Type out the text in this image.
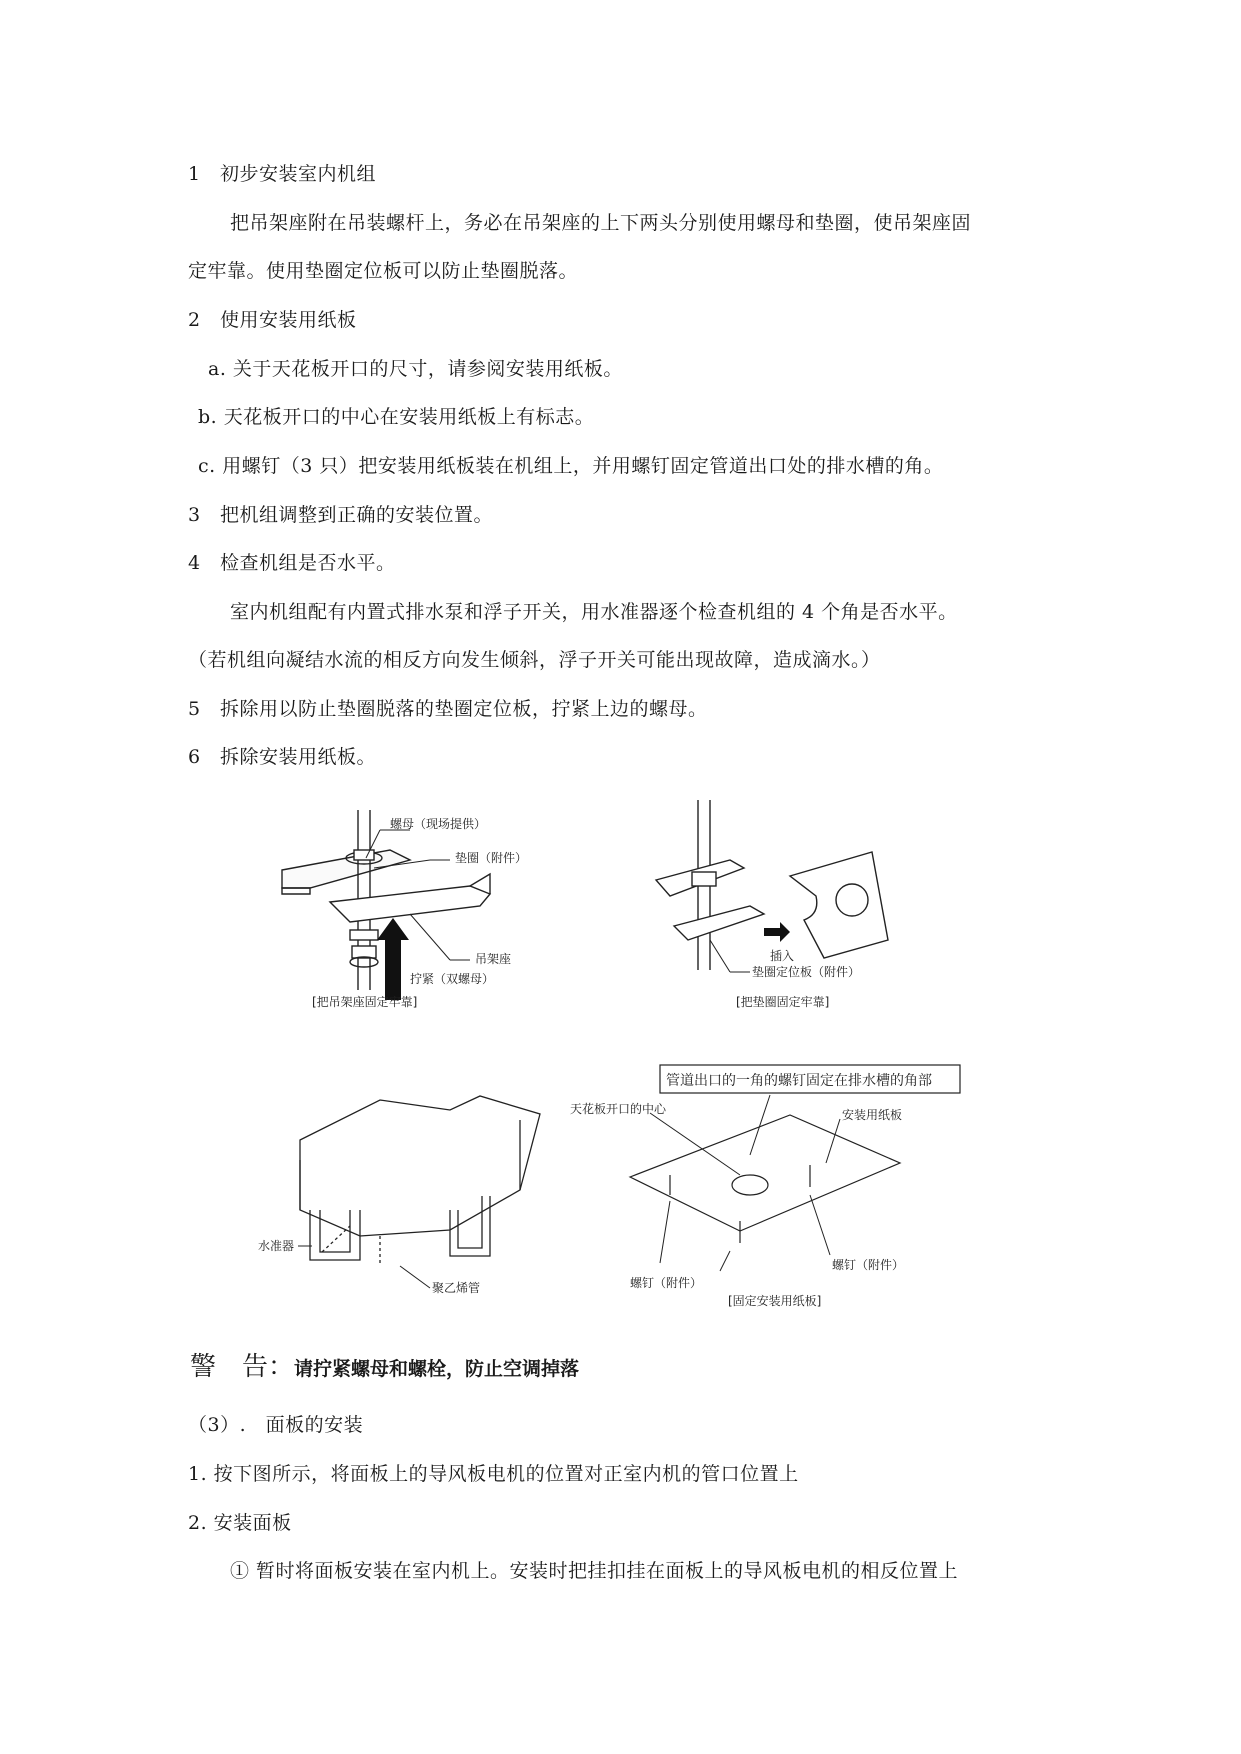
1 初步安装室内机组
把吊架座附在吊装螺杆上，务必在吊架座的上下两头分别使用螺母和垫圈，使吊架座固
定牢靠。使用垫圈定位板可以防止垫圈脱落。
2 使用安装用纸板
a. 关于天花板开口的尺寸，请参阅安装用纸板。
b. 天花板开口的中心在安装用纸板上有标志。
c. 用螺钉（3 只）把安装用纸板装在机组上，并用螺钉固定管道出口处的排水槽的角。
3 把机组调整到正确的安装位置。
4 检查机组是否水平。
室内机组配有内置式排水泵和浮子开关，用水准器逐个检查机组的 4 个角是否水平。
（若机组向凝结水流的相反方向发生倾斜，浮子开关可能出现故障，造成滴水。）
5 拆除用以防止垫圈脱落的垫圈定位板，拧紧上边的螺母。
6 拆除安装用纸板。
螺母（现场提供）
垫圈（附件）
吊架座
拧紧（双螺母）
[把吊架座固定牢靠]
插入
垫圈定位板（附件）
[把垫圈固定牢靠]
水准器
聚乙烯管
管道出口的一角的螺钉固定在排水槽的角部
天花板开口的中心	安装用纸板
螺钉（附件）
螺钉（附件）
[固定安装用纸板]
警　告：请拧紧螺母和螺栓，防止空调掉落
（3）.　面板的安装
1. 按下图所示，将面板上的导风板电机的位置对正室内机的管口位置上
2. 安装面板
① 暂时将面板安装在室内机上。安装时把挂扣挂在面板上的导风板电机的相反位置上
